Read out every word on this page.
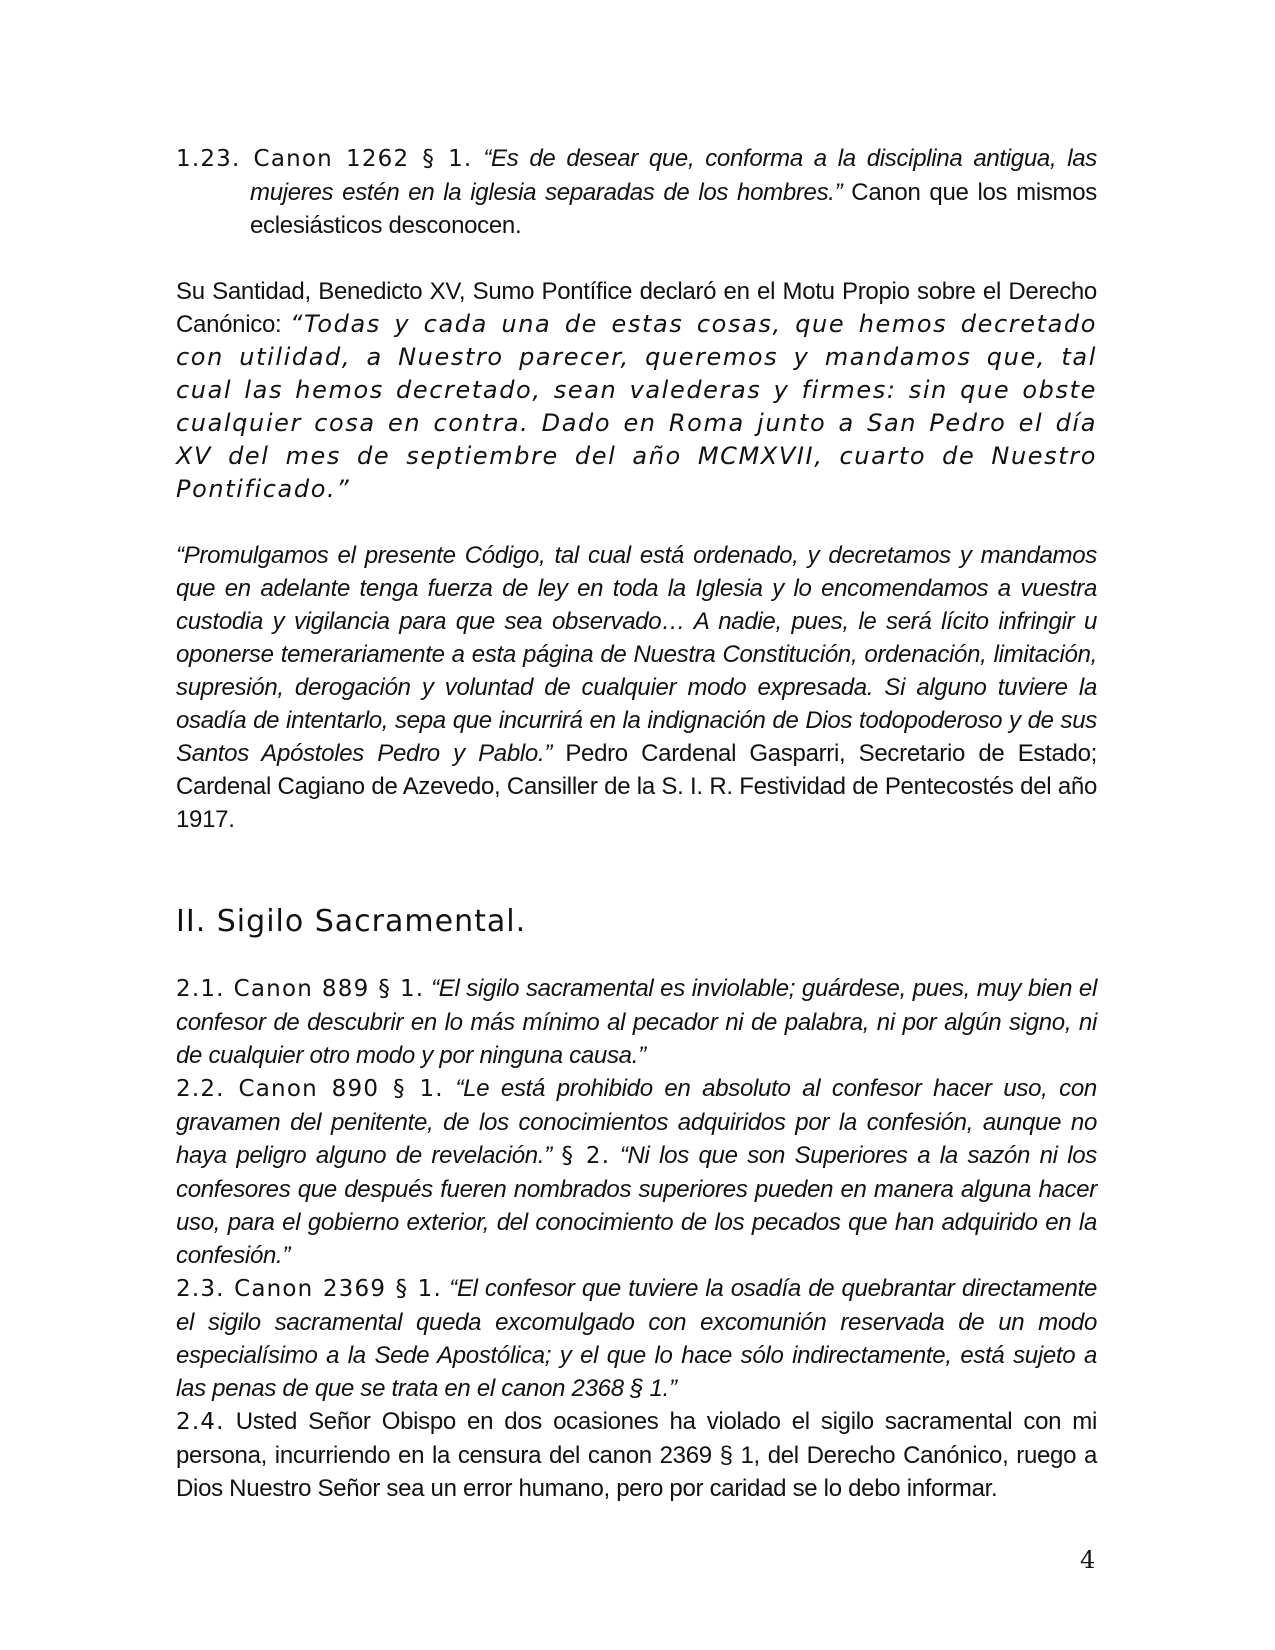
1.23. Canon 1262 § 1. “Es de desear que, conforma a la disciplina antigua, las mujeres estén en la iglesia separadas de los hombres.” Canon que los mismos eclesiásticos desconocen.

Su Santidad, Benedicto XV, Sumo Pontífice declaró en el Motu Propio sobre el Derecho Canónico: “Todas y cada una de estas cosas, que hemos decretado con utilidad, a Nuestro parecer, queremos y mandamos que, tal cual las hemos decretado, sean valederas y firmes: sin que obste cualquier cosa en contra. Dado en Roma junto a San Pedro el día XV del mes de septiembre del año MCMXVII, cuarto de Nuestro Pontificado.”

“Promulgamos el presente Código, tal cual está ordenado, y decretamos y mandamos que en adelante tenga fuerza de ley en toda la Iglesia y lo encomendamos a vuestra custodia y vigilancia para que sea observado… A nadie, pues, le será lícito infringir u oponerse temerariamente a esta página de Nuestra Constitución, ordenación, limitación, supresión, derogación y voluntad de cualquier modo expresada. Si alguno tuviere la osadía de intentarlo, sepa que incurrirá en la indignación de Dios todopoderoso y de sus Santos Apóstoles Pedro y Pablo.” Pedro Cardenal Gasparri, Secretario de Estado; Cardenal Cagiano de Azevedo, Cansiller de la S. I. R. Festividad de Pentecostés del año 1917.

II. Sigilo Sacramental.

2.1. Canon 889 § 1. “El sigilo sacramental es inviolable; guárdese, pues, muy bien el confesor de descubrir en lo más mínimo al pecador ni de palabra, ni por algún signo, ni de cualquier otro modo y por ninguna causa.”

2.2. Canon 890 § 1. “Le está prohibido en absoluto al confesor hacer uso, con gravamen del penitente, de los conocimientos adquiridos por la confesión, aunque no haya peligro alguno de revelación.” § 2. “Ni los que son Superiores a la sazón ni los confesores que después fueren nombrados superiores pueden en manera alguna hacer uso, para el gobierno exterior, del conocimiento de los pecados que han adquirido en la confesión.”

2.3. Canon 2369 § 1. “El confesor que tuviere la osadía de quebrantar directamente el sigilo sacramental queda excomulgado con excomunión reservada de un modo especialísimo a la Sede Apostólica; y el que lo hace sólo indirectamente, está sujeto a las penas de que se trata en el canon 2368 § 1.”

2.4. Usted Señor Obispo en dos ocasiones ha violado el sigilo sacramental con mi persona, incurriendo en la censura del canon 2369 § 1, del Derecho Canónico, ruego a Dios Nuestro Señor sea un error humano, pero por caridad se lo debo informar.

4
